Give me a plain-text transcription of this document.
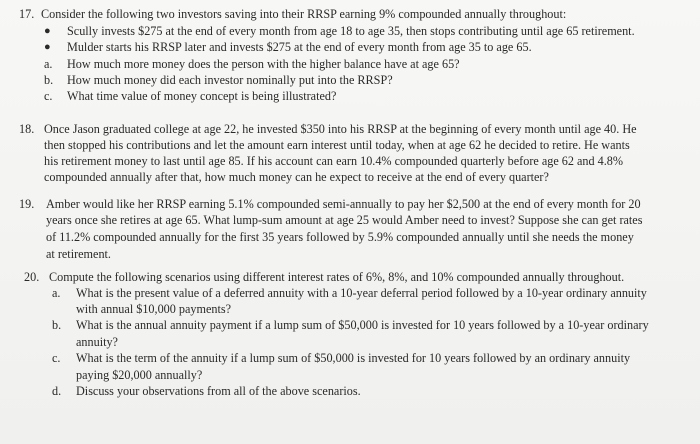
17. Consider the following two investors saving into their RRSP earning 9% compounded annually throughout:
● Scully invests $275 at the end of every month from age 18 to age 35, then stops contributing until age 65 retirement.
● Mulder starts his RRSP later and invests $275 at the end of every month from age 35 to age 65.
a. How much more money does the person with the higher balance have at age 65?
b. How much money did each investor nominally put into the RRSP?
c. What time value of money concept is being illustrated?
18. Once Jason graduated college at age 22, he invested $350 into his RRSP at the beginning of every month until age 40. He
then stopped his contributions and let the amount earn interest until today, when at age 62 he decided to retire. He wants
his retirement money to last until age 85. If his account can earn 10.4% compounded quarterly before age 62 and 4.8%
compounded annually after that, how much money can he expect to receive at the end of every quarter?
19. Amber would like her RRSP earning 5.1% compounded semi-annually to pay her $2,500 at the end of every month for 20
years once she retires at age 65. What lump-sum amount at age 25 would Amber need to invest? Suppose she can get rates
of 11.2% compounded annually for the first 35 years followed by 5.9% compounded annually until she needs the money
at retirement.
20. Compute the following scenarios using different interest rates of 6%, 8%, and 10% compounded annually throughout.
a. What is the present value of a deferred annuity with a 10-year deferral period followed by a 10-year ordinary annuity
with annual $10,000 payments?
b. What is the annual annuity payment if a lump sum of $50,000 is invested for 10 years followed by a 10-year ordinary
annuity?
c. What is the term of the annuity if a lump sum of $50,000 is invested for 10 years followed by an ordinary annuity
paying $20,000 annually?
d. Discuss your observations from all of the above scenarios.
